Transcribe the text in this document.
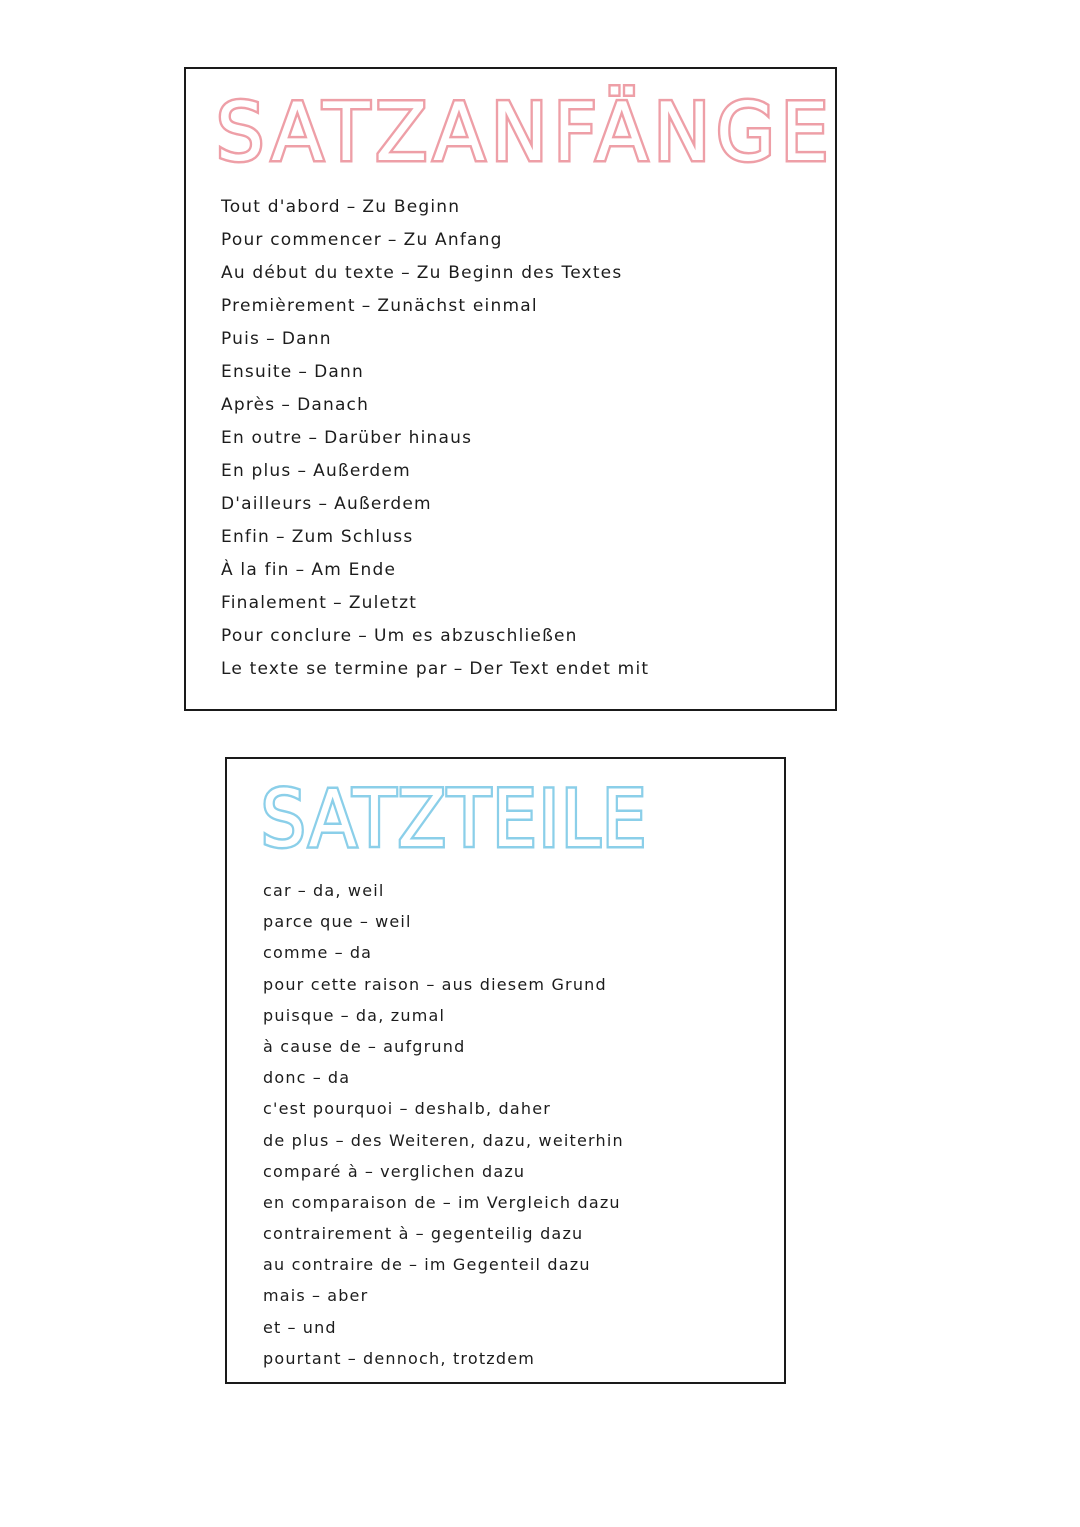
SATZANFÄNGE
Tout d'abord – Zu Beginn
Pour commencer – Zu Anfang
Au début du texte – Zu Beginn des Textes
Premièrement – Zunächst einmal
Puis – Dann
Ensuite – Dann
Après – Danach
En outre – Darüber hinaus
En plus – Außerdem
D'ailleurs – Außerdem
Enfin – Zum Schluss
À la fin – Am Ende
Finalement – Zuletzt
Pour conclure – Um es abzuschließen
Le texte se termine par – Der Text endet mit
SATZTEILE
car – da, weil
parce que – weil
comme – da
pour cette raison – aus diesem Grund
puisque – da, zumal
à cause de – aufgrund
donc – da
c'est pourquoi – deshalb, daher
de plus – des Weiteren, dazu, weiterhin
comparé à – verglichen dazu
en comparaison de – im Vergleich dazu
contrairement à – gegenteilig dazu
au contraire de – im Gegenteil dazu
mais – aber
et – und
pourtant – dennoch, trotzdem
